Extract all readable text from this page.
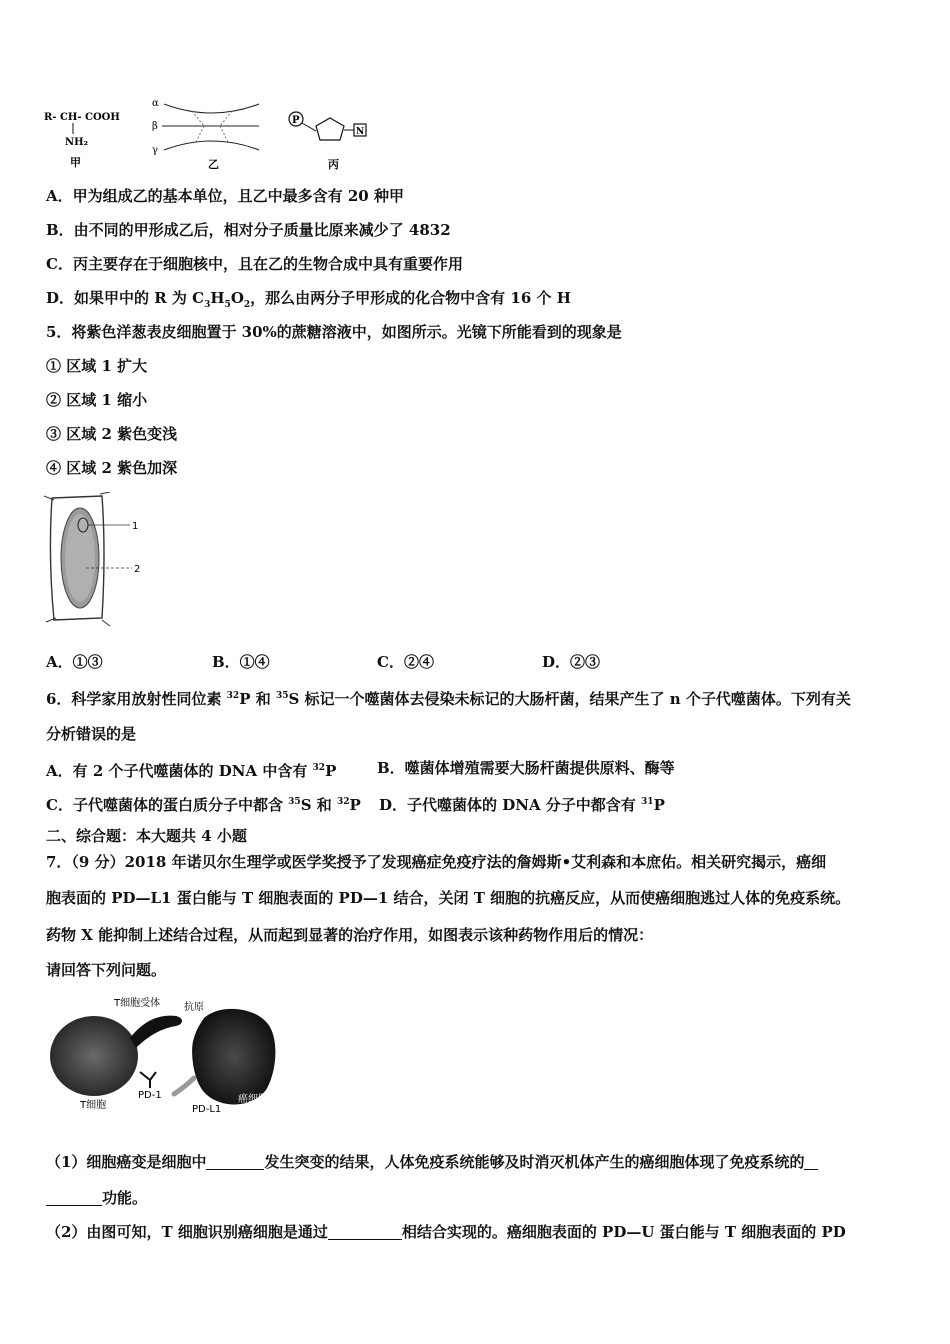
R- CH- COOH
NH₂
甲
α
β
γ
乙
P
N
丙
A．甲为组成乙的基本单位，且乙中最多含有 20 种甲
B．由不同的甲形成乙后，相对分子质量比原来减少了 4832
C．丙主要存在于细胞核中，且在乙的生物合成中具有重要作用
D．如果甲中的 R 为 $C_3H_5O_2$，那么由两分子甲形成的化合物中含有 16 个 H
5．将紫色洋葱表皮细胞置于 30%的蔗糖溶液中，如图所示。光镜下所能看到的现象是
① 区域 1 扩大
② 区域 1 缩小
③ 区域 2 紫色变浅
④ 区域 2 紫色加深
1
2
A．①③	B．①④	C．②④	D．②③
6．科学家用放射性同位素 $^{32}$P 和 $^{35}$S 标记一个噬菌体去侵染未标记的大肠杆菌，结果产生了 n 个子代噬菌体。下列有关
分析错误的是
A．有 2 个子代噬菌体的 DNA 中含有 $^{32}$P	B．噬菌体增殖需要大肠杆菌提供原料、酶等
C．子代噬菌体的蛋白质分子中都含 $^{35}$S 和 $^{32}$P D．子代噬菌体的 DNA 分子中都含有 $^{31}$P
二、综合题：本大题共 4 小题
7．（9 分）2018 年诺贝尔生理学或医学奖授予了发现癌症免疫疗法的詹姆斯•艾利森和本庶佑。相关研究揭示，癌细
胞表面的 PD—L1 蛋白能与 T 细胞表面的 PD—1 结合，关闭 T 细胞的抗癌反应，从而使癌细胞逃过人体的免疫系统。
药物 X 能抑制上述结合过程，从而起到显著的治疗作用，如图表示该种药物作用后的情况：
请回答下列问题。
T细胞受体 抗原
PD-1
T细胞	PD-L1
癌细胞
（1）细胞癌变是细胞中	发生突变的结果，人体免疫系统能够及时消灭机体产生的癌细胞体现了免疫系统的
功能。
（2）由图可知，T 细胞识别癌细胞是通过	相结合实现的。癌细胞表面的 PD—U 蛋白能与 T 细胞表面的 PD
